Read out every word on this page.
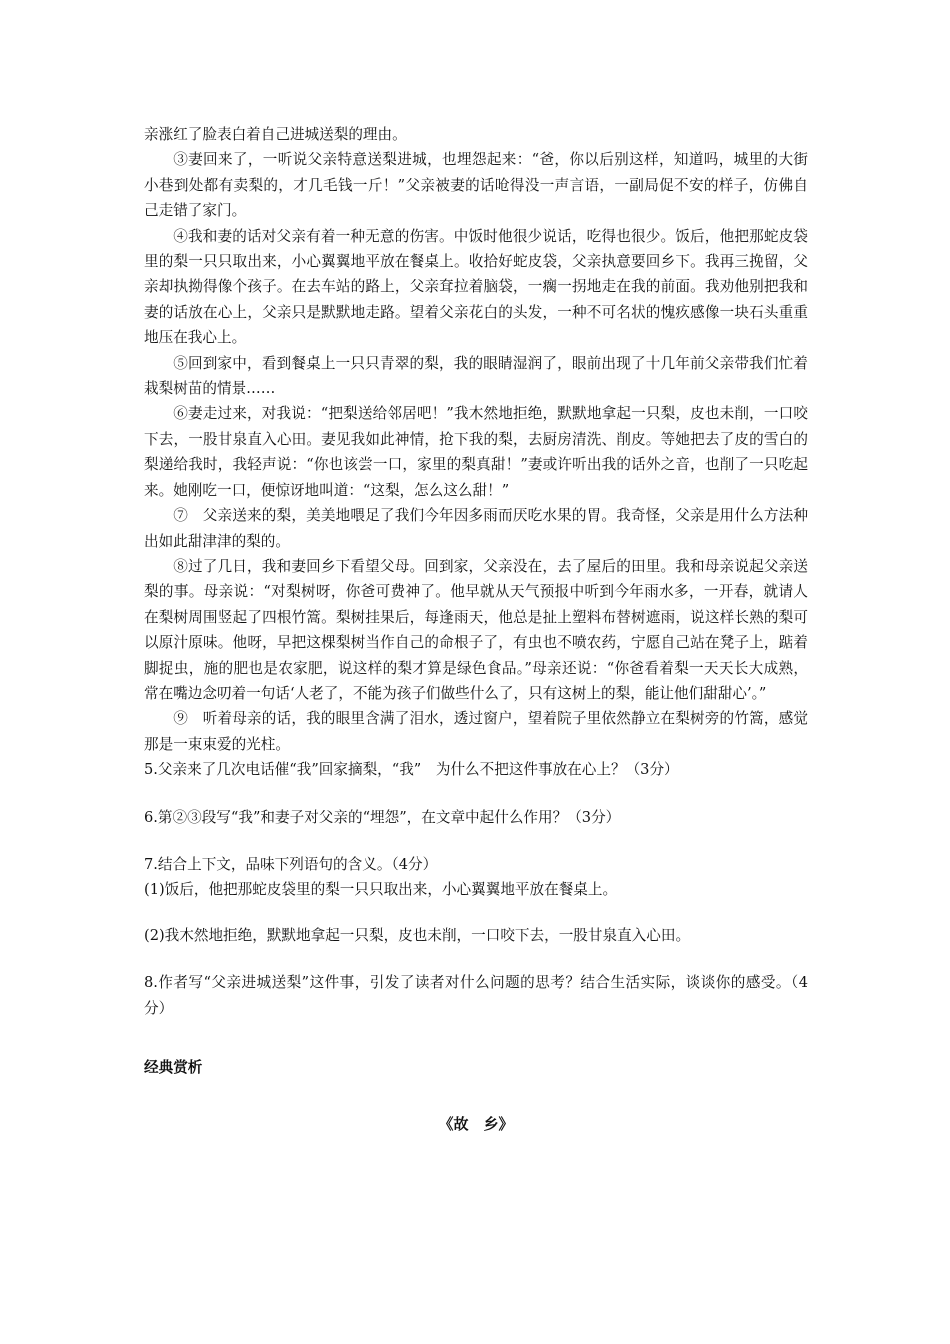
亲涨红了脸表白着自己进城送梨的理由。

③妻回来了，一听说父亲特意送梨进城，也埋怨起来：“爸，你以后别这样，知道吗，城里的大街小巷到处都有卖梨的，才几毛钱一斤！”父亲被妻的话呛得没一声言语，一副局促不安的样子，仿佛自己走错了家门。

④我和妻的话对父亲有着一种无意的伤害。中饭时他很少说话，吃得也很少。饭后，他把那蛇皮袋里的梨一只只取出来，小心翼翼地平放在餐桌上。收拾好蛇皮袋，父亲执意要回乡下。我再三挽留，父亲却执拗得像个孩子。在去车站的路上，父亲耷拉着脑袋，一瘸一拐地走在我的前面。我劝他别把我和妻的话放在心上，父亲只是默默地走路。望着父亲花白的头发，一种不可名状的愧疚感像一块石头重重地压在我心上。

⑤回到家中，看到餐桌上一只只青翠的梨，我的眼睛湿润了，眼前出现了十几年前父亲带我们忙着栽梨树苗的情景……

⑥妻走过来，对我说：“把梨送给邻居吧！”我木然地拒绝，默默地拿起一只梨，皮也未削，一口咬下去，一股甘泉直入心田。妻见我如此神情，抢下我的梨，去厨房清洗、削皮。等她把去了皮的雪白的梨递给我时，我轻声说：“你也该尝一口，家里的梨真甜！”妻或许听出我的话外之音，也削了一只吃起来。她刚吃一口，便惊讶地叫道：“这梨，怎么这么甜！”

⑦　父亲送来的梨，美美地喂足了我们今年因多雨而厌吃水果的胃。我奇怪，父亲是用什么方法种出如此甜津津的梨的。

⑧过了几日，我和妻回乡下看望父母。回到家，父亲没在，去了屋后的田里。我和母亲说起父亲送梨的事。母亲说：“对梨树呀，你爸可费神了。他早就从天气预报中听到今年雨水多，一开春，就请人在梨树周围竖起了四根竹篙。梨树挂果后，每逢雨天，他总是扯上塑料布替树遮雨，说这样长熟的梨可以原汁原味。他呀，早把这棵梨树当作自己的命根子了，有虫也不喷农药，宁愿自己站在凳子上，踮着脚捉虫，施的肥也是农家肥，说这样的梨才算是绿色食品。”母亲还说：“你爸看着梨一天天长大成熟，常在嘴边念叨着一句话‘人老了，不能为孩子们做些什么了，只有这树上的梨，能让他们甜甜心’。”

⑨　听着母亲的话，我的眼里含满了泪水，透过窗户，望着院子里依然静立在梨树旁的竹篙，感觉那是一束束爱的光柱。

5.父亲来了几次电话催“我”回家摘梨，“我”　为什么不把这件事放在心上？（3分）

6.第②③段写“我”和妻子对父亲的“埋怨”，在文章中起什么作用？（3分）

7.结合上下文，品味下列语句的含义。（4分）

(1)饭后，他把那蛇皮袋里的梨一只只取出来，小心翼翼地平放在餐桌上。

(2)我木然地拒绝，默默地拿起一只梨，皮也未削，一口咬下去，一股甘泉直入心田。

8.作者写“父亲进城送梨”这件事，引发了读者对什么问题的思考？结合生活实际，谈谈你的感受。（4分）

经典赏析

《故　乡》
